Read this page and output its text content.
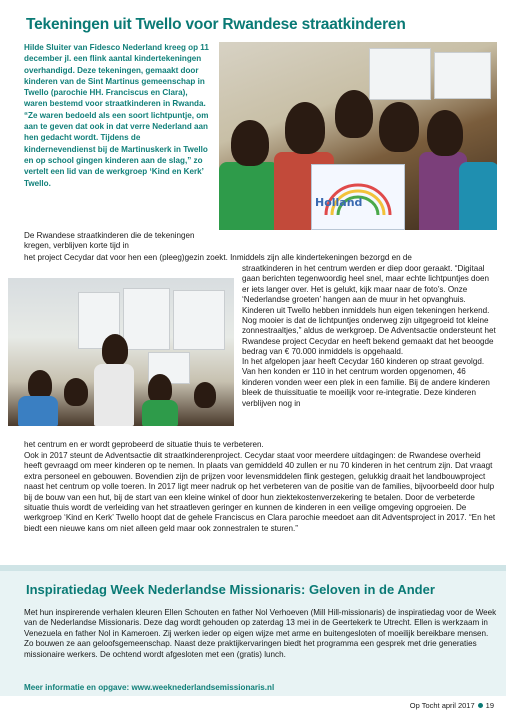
Tekeningen uit Twello voor Rwandese straatkinderen

Hilde Sluiter van Fidesco Nederland kreeg op 11 december jl. een flink aantal kindertekeningen overhandigd. Deze tekeningen, gemaakt door kinderen van de Sint Martinus gemeenschap in Twello (parochie HH. Franciscus en Clara), waren bestemd voor straatkinderen in Rwanda. “Ze waren bedoeld als een soort lichtpuntje, om aan te geven dat ook in dat verre Nederland aan hen gedacht wordt. Tijdens de kindernevendienst bij de Martinuskerk in Twello en op school gingen kinderen aan de slag,” zo vertelt een lid van de werkgroep ‘Kind en Kerk’ Twello.

Holland

De Rwandese straatkinderen die de tekeningen kregen, verblijven korte tijd in

het project Cecydar dat voor hen een (pleeg)gezin zoekt. Inmiddels zijn alle kindertekeningen bezorgd en de

straatkinderen in het centrum werden er diep door geraakt. “Digitaal gaan berichten tegenwoordig heel snel, maar echte lichtpuntjes doen er iets langer over. Het is gelukt, kijk maar naar de foto’s. Onze ‘Nederlandse groeten’ hangen aan de muur in het opvanghuis. Kinderen uit Twello hebben inmiddels hun eigen tekeningen herkend. Nog mooier is dat de lichtpuntjes onderweg zijn uitgegroeid tot kleine zonnestraaltjes,” aldus de werkgroep. De Adventsactie ondersteunt het Rwandese project Cecydar en heeft bekend gemaakt dat het beoogde bedrag van € 70.000 inmiddels is opgehaald.

In het afgelopen jaar heeft Cecydar 160 kinderen op straat gevolgd. Van hen konden er 110 in het centrum worden opgenomen, 46 kinderen vonden weer een plek in een familie. Bij de andere kinderen bleek de thuissituatie te moeilijk voor re-integratie. Deze kinderen verblijven nog in

het centrum en er wordt geprobeerd de situatie thuis te verbeteren.

Ook in 2017 steunt de Adventsactie dit straatkinderenproject. Cecydar staat voor meerdere uitdagingen: de Rwandese overheid heeft gevraagd om meer kinderen op te nemen. In plaats van gemiddeld 40 zullen er nu 70 kinderen in het centrum zijn. Dat vraagt extra personeel en gebouwen. Bovendien zijn de prijzen voor levensmiddelen flink gestegen, gelukkig draait het landbouwproject naast het centrum op volle toeren. In 2017 ligt meer nadruk op het verbeteren van de positie van de families, bijvoorbeeld door hulp bij de bouw van een hut, bij de start van een kleine winkel of door hun ziektekostenverzekering te betalen. Door de verbeterde situatie thuis wordt de verleiding van het straatleven geringer en kunnen de kinderen in een veilige omgeving opgroeien. De werkgroep ‘Kind en Kerk’ Twello hoopt dat de gehele Franciscus en Clara parochie meedoet aan dit Adventsproject in 2017. “En het biedt een nieuwe kans om niet alleen geld maar ook zonnestralen te sturen.”

Inspiratiedag Week Nederlandse Missionaris: Geloven in de Ander

Met hun inspirerende verhalen kleuren Ellen Schouten en father Nol Verhoeven (Mill Hill-missionaris) de inspiratiedag voor de Week van de Nederlandse Missionaris. Deze dag wordt gehouden op zaterdag 13 mei in de Geertekerk te Utrecht. Ellen is werkzaam in Venezuela en father Nol in Kameroen. Zij werken ieder op eigen wijze met arme en buitengesloten of moeilijk bereikbare mensen. Zo bouwen ze aan geloofsgemeenschap. Naast deze praktijkervaringen biedt het programma een gesprek met drie generaties missionaire werkers. De ochtend wordt afgesloten met een (gratis) lunch.

Meer informatie en opgave: www.weeknederlandsemissionaris.nl
Op Tocht april 2017 19
